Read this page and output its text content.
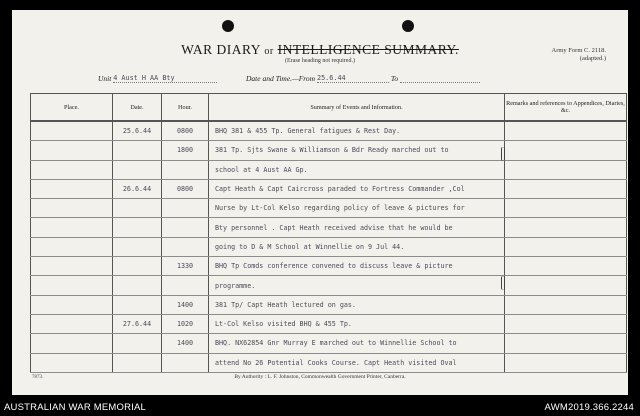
WAR DIARY or INTELLIGENCE SUMMARY.
(Erase heading not required.)
Army Form C. 2118.
(adapted.)
Unit 4 Aust H AA Bty	Date and Time.—From 25.6.44	To
Place.	Date.	Hour.	Summary of Events and Information.	Remarks and references to Appendices, Diaries, &c.
	25.6.44	0800	BHQ 381 & 455 Tp. General fatigues & Rest Day.	
		1800	381 Tp. Sjts Swane & Williamson & Bdr Ready marched out to	
			school at 4 Aust AA Gp.	
	26.6.44	0800	Capt Heath & Capt Caircross paraded to Fortress Commander ,Col	
			Nurse by Lt-Col Kelso regarding policy of leave & pictures for	
			Bty personnel . Capt Heath received advise that he would be	
			going to D & M School at Winnellie on 9 Jul 44.	
		1330	BHQ Tp Comds conference convened to discuss leave & picture	
			programme.	
		1400	381 Tp/ Capt Heath lectured on gas.	
	27.6.44	1020	Lt-Col Kelso visited BHQ & 455 Tp.	
		1400	BHQ. NX62854 Gnr Murray E marched out to Winnellie School to	
			attend No 26 Potential Cooks Course. Capt Heath visited Oval	
7873.	By Authority : L. F. Johnston, Commonwealth Government Printer, Canberra.
AUSTRALIAN WAR MEMORIAL	AWM2019.366.2244
